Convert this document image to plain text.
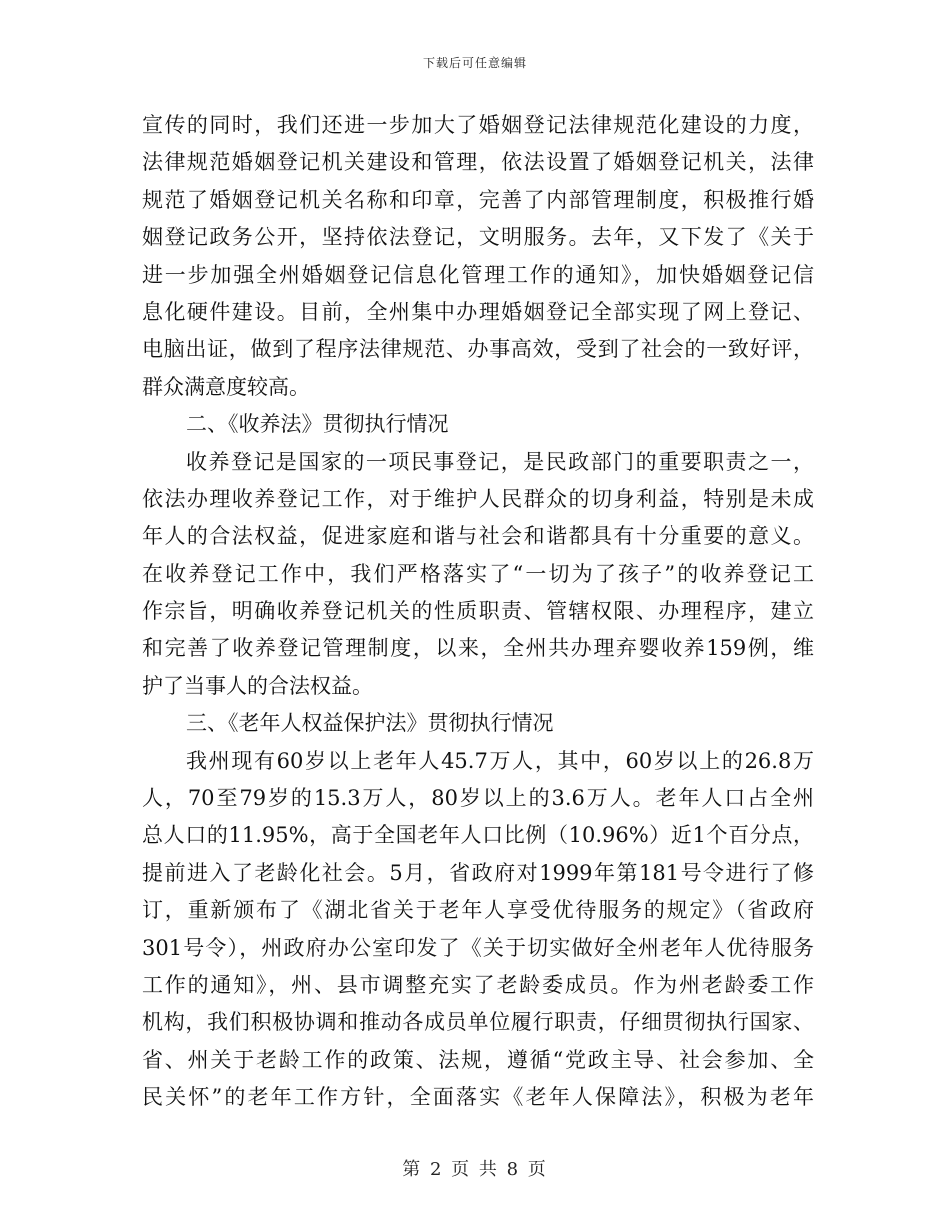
下载后可任意编辑
宣传的同时，我们还进一步加大了婚姻登记法律规范化建设的力度，
法律规范婚姻登记机关建设和管理，依法设置了婚姻登记机关，法律
规范了婚姻登记机关名称和印章，完善了内部管理制度，积极推行婚
姻登记政务公开，坚持依法登记，文明服务。去年，又下发了《关于
进一步加强全州婚姻登记信息化管理工作的通知》，加快婚姻登记信
息化硬件建设。目前，全州集中办理婚姻登记全部实现了网上登记、
电脑出证，做到了程序法律规范、办事高效，受到了社会的一致好评，
群众满意度较高。
二、《收养法》贯彻执行情况
收养登记是国家的一项民事登记，是民政部门的重要职责之一，
依法办理收养登记工作，对于维护人民群众的切身利益，特别是未成
年人的合法权益，促进家庭和谐与社会和谐都具有十分重要的意义。
在收养登记工作中，我们严格落实了“一切为了孩子”的收养登记工
作宗旨，明确收养登记机关的性质职责、管辖权限、办理程序，建立
和完善了收养登记管理制度，以来，全州共办理弃婴收养159例，维
护了当事人的合法权益。
三、《老年人权益保护法》贯彻执行情况
我州现有60岁以上老年人45.7万人，其中，60岁以上的26.8万
人，70至79岁的15.3万人，80岁以上的3.6万人。老年人口占全州
总人口的11.95%，高于全国老年人口比例（10.96%）近1个百分点，
提前进入了老龄化社会。5月，省政府对1999年第181号令进行了修
订，重新颁布了《湖北省关于老年人享受优待服务的规定》（省政府
301号令），州政府办公室印发了《关于切实做好全州老年人优待服务
工作的通知》，州、县市调整充实了老龄委成员。作为州老龄委工作
机构，我们积极协调和推动各成员单位履行职责，仔细贯彻执行国家、
省、州关于老龄工作的政策、法规，遵循“党政主导、社会参加、全
民关怀”的老年工作方针，全面落实《老年人保障法》，积极为老年
第 2 页 共 8 页
